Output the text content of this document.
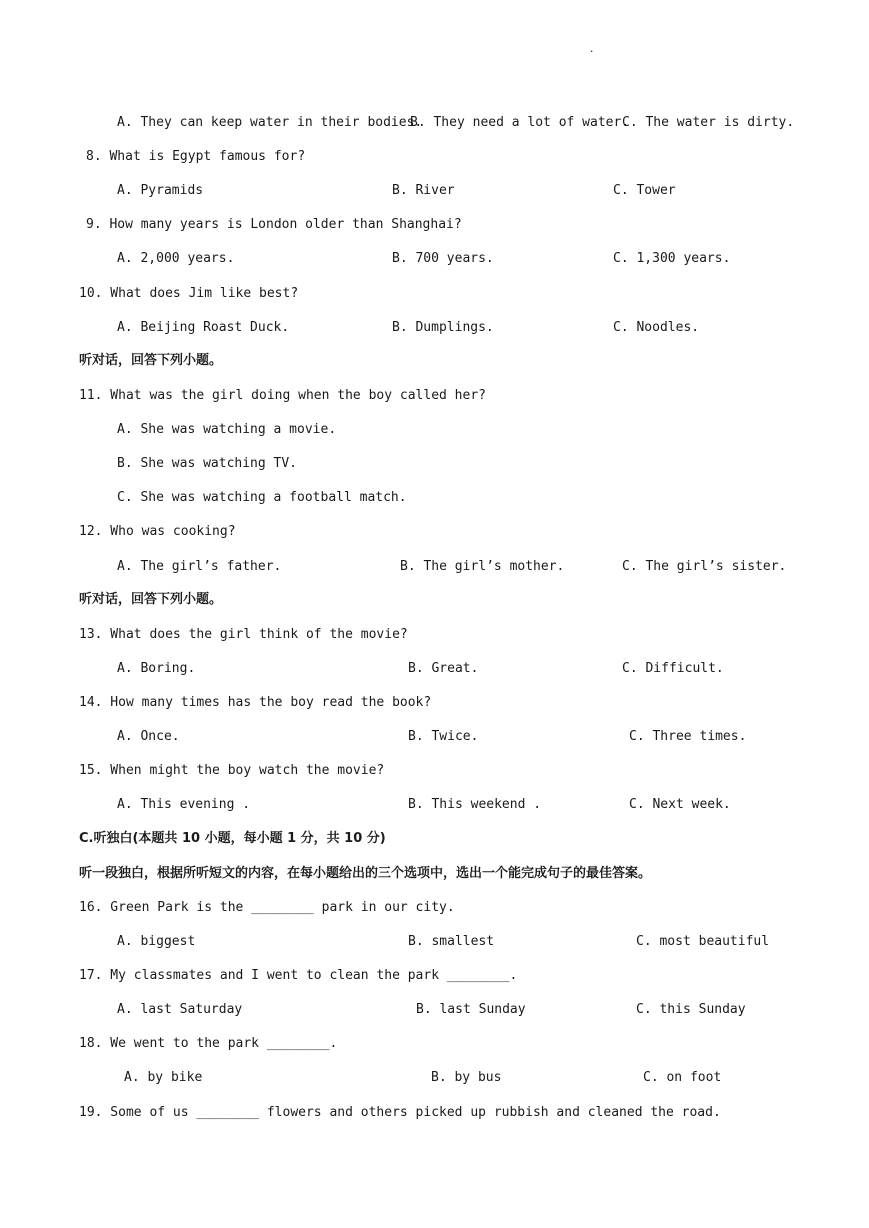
.
A. They can keep water in their bodies.
B. They need a lot of water.
C. The water is dirty.
8. What is Egypt famous for?
A. Pyramids	B. River	C. Tower
9. How many years is London older than Shanghai?
A. 2,000 years.	B. 700 years.	C. 1,300 years.
10. What does Jim like best?
A. Beijing Roast Duck.	B. Dumplings.	C. Noodles.
听对话，回答下列小题。
11. What was the girl doing when the boy called her?
A. She was watching a movie.
B. She was watching TV.
C. She was watching a football match.
12. Who was cooking?
A. The girl’s father.	B. The girl’s mother.	C. The girl’s sister.
听对话，回答下列小题。
13. What does the girl think of the movie?
A. Boring.	B. Great.	C. Difficult.
14. How many times has the boy read the book?
A. Once.	B. Twice.	C. Three times.
15. When might the boy watch the movie?
A. This evening .	B. This weekend .	C. Next week.
C.听独白(本题共 10 小题，每小题 1 分，共 10 分)
听一段独白，根据所听短文的内容，在每小题给出的三个选项中，选出一个能完成句子的最佳答案。
16. Green Park is the ________ park in our city.
A. biggest	B. smallest	C. most beautiful
17. My classmates and I went to clean the park ________.
A. last Saturday	B. last Sunday	C. this Sunday
18. We went to the park ________.
A. by bike	B. by bus	C. on foot
19. Some of us ________ flowers and others picked up rubbish and cleaned the road.
